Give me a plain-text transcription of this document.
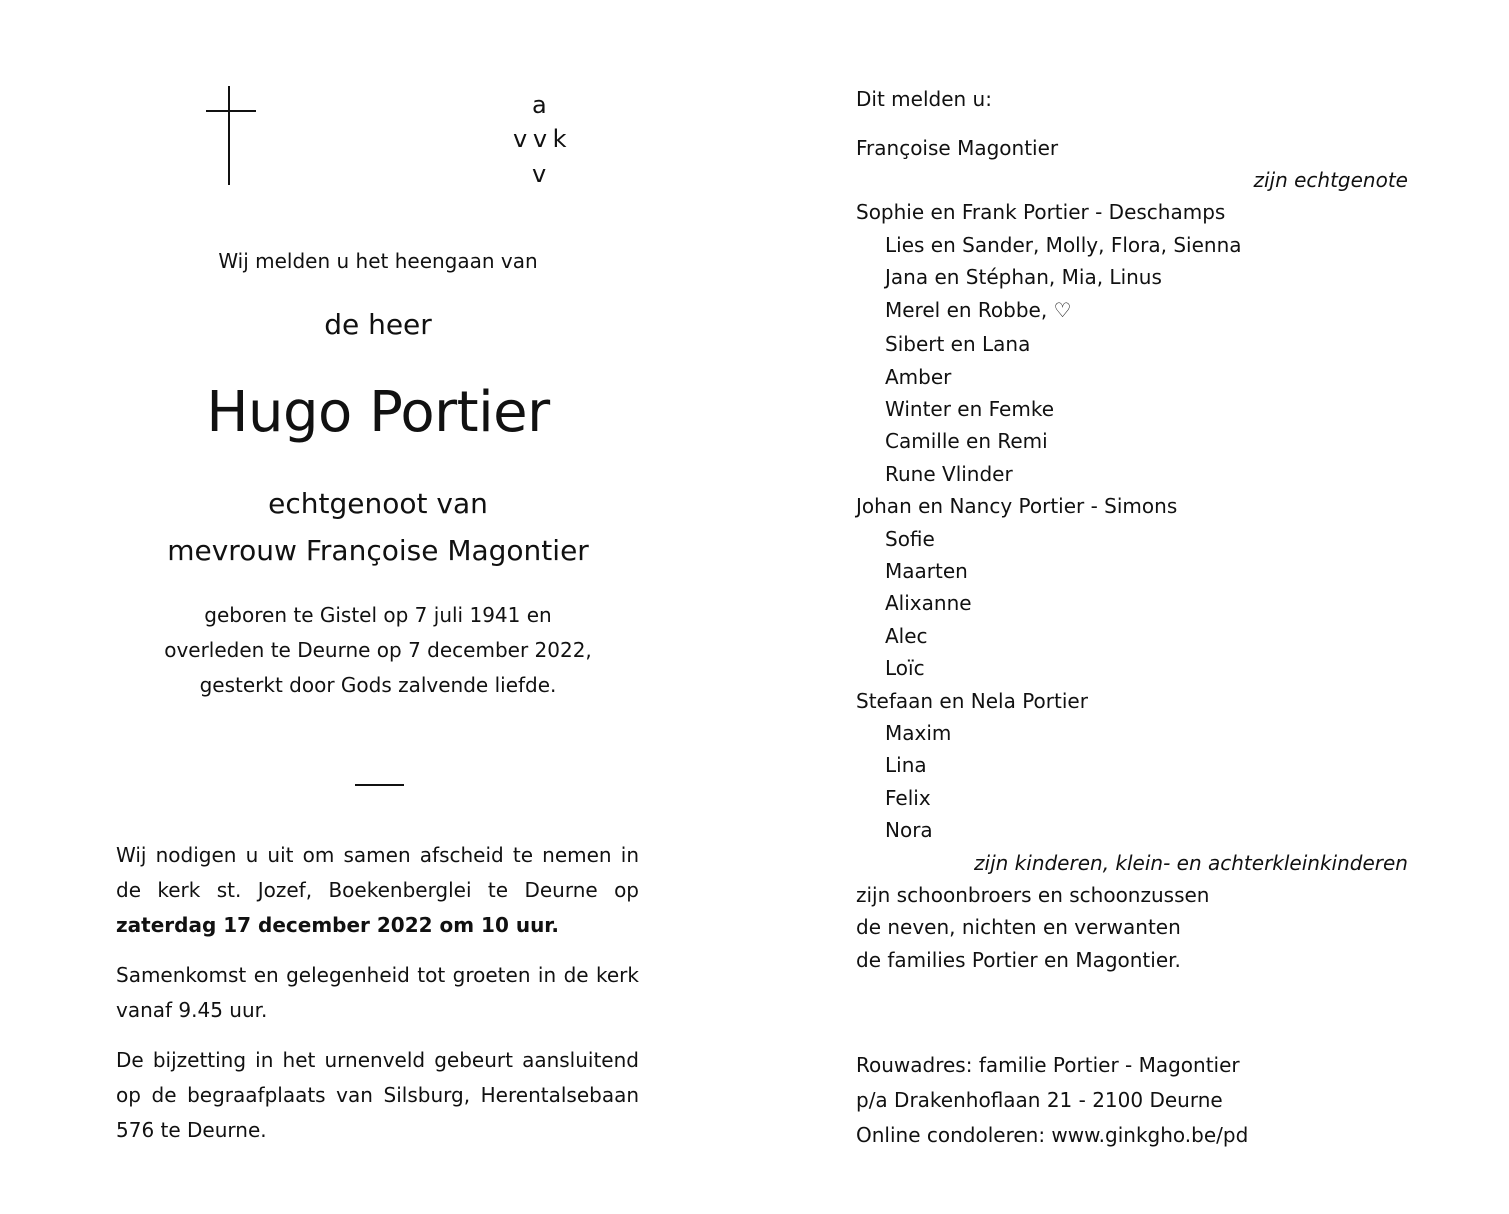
a
v v k
v
Wij melden u het heengaan van
de heer
Hugo Portier
echtgenoot van
mevrouw Françoise Magontier
geboren te Gistel op 7 juli 1941 en
overleden te Deurne op 7 december 2022,
gesterkt door Gods zalvende liefde.
Wij nodigen u uit om samen afscheid te nemen in de kerk st. Jozef, Boekenberglei te Deurne op zaterdag 17 december 2022 om 10 uur.
Samenkomst en gelegenheid tot groeten in de kerk vanaf 9.45 uur.
De bijzetting in het urnenveld gebeurt aansluitend op de begraafplaats van Silsburg, Herentalsebaan 576 te Deurne.
Dit melden u:
Françoise Magontier
zijn echtgenote
Sophie en Frank Portier - Deschamps
Lies en Sander, Molly, Flora, Sienna
Jana en Stéphan, Mia, Linus
Merel en Robbe, ♡
Sibert en Lana
Amber
Winter en Femke
Camille en Remi
Rune Vlinder
Johan en Nancy Portier - Simons
Sofie
Maarten
Alixanne
Alec
Loïc
Stefaan en Nela Portier
Maxim
Lina
Felix
Nora
zijn kinderen, klein- en achterkleinkinderen
zijn schoonbroers en schoonzussen
de neven, nichten en verwanten
de families Portier en Magontier.
Rouwadres: familie Portier - Magontier
p/a Drakenhoflaan 21 - 2100 Deurne
Online condoleren: www.ginkgho.be/pd
